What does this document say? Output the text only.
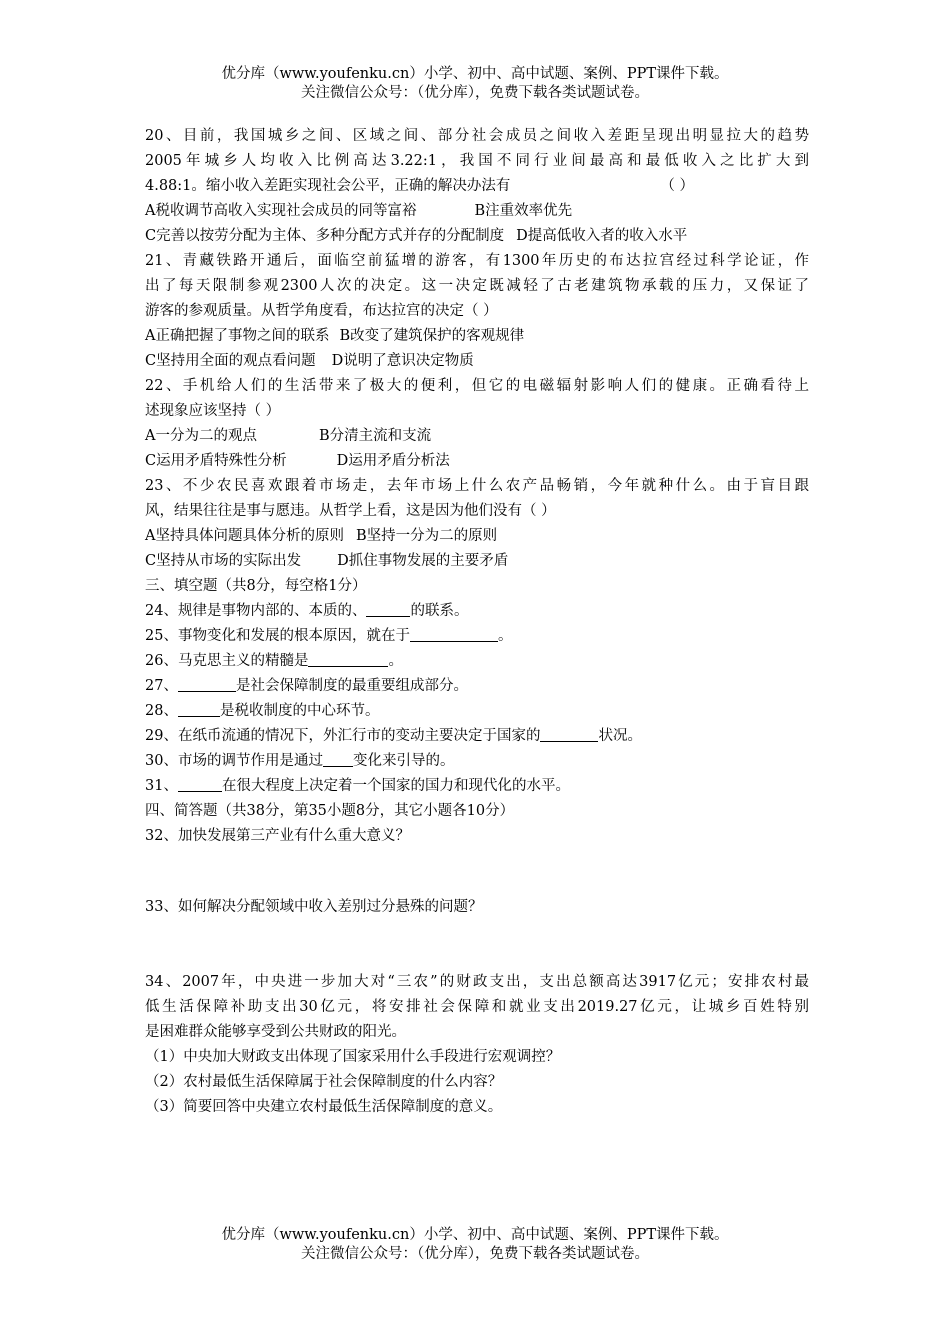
优分库（www.youfenku.cn）小学、初中、高中试题、案例、PPT课件下载。
关注微信公众号：（优分库），免费下载各类试题试卷。
20、目前，我国城乡之间、区域之间、部分社会成员之间收入差距呈现出明显拉大的趋势
2005年城乡人均收入比例高达3.22:1，我国不同行业间最高和最低收入之比扩大到
4.88:1。缩小收入差距实现社会公平，正确的解决办法有	（ ）
A税收调节高收入实现社会成员的同等富裕	B注重效率优先
C完善以按劳分配为主体、多种分配方式并存的分配制度 D提高低收入者的收入水平
21、青藏铁路开通后，面临空前猛增的游客，有1300年历史的布达拉宫经过科学论证，作
出了每天限制参观2300人次的决定。这一决定既减轻了古老建筑物承载的压力，又保证了
游客的参观质量。从哲学角度看，布达拉宫的决定（ ）
A正确把握了事物之间的联系 B改变了建筑保护的客观规律
C坚持用全面的观点看问题 D说明了意识决定物质
22、手机给人们的生活带来了极大的便利，但它的电磁辐射影响人们的健康。正确看待上
述现象应该坚持（ ）
A一分为二的观点	B分清主流和支流
C运用矛盾特殊性分析	D运用矛盾分析法
23、不少农民喜欢跟着市场走，去年市场上什么农产品畅销，今年就种什么。由于盲目跟
风，结果往往是事与愿违。从哲学上看，这是因为他们没有（ ）
A坚持具体问题具体分析的原则 B坚持一分为二的原则
C坚持从市场的实际出发 D抓住事物发展的主要矛盾
三、填空题（共8分，每空格1分）
24、规律是事物内部的、本质的、	的联系。
25、事物变化和发展的根本原因，就在于	。
26、马克思主义的精髓是	。
27、	是社会保障制度的最重要组成部分。
28、	是税收制度的中心环节。
29、在纸币流通的情况下，外汇行市的变动主要决定于国家的	状况。
30、市场的调节作用是通过 变化来引导的。
31、	在很大程度上决定着一个国家的国力和现代化的水平。
四、简答题（共38分，第35小题8分，其它小题各10分）
32、加快发展第三产业有什么重大意义？
33、如何解决分配领域中收入差别过分悬殊的问题？
34、2007年，中央进一步加大对“三农”的财政支出，支出总额高达3917亿元；安排农村最
低生活保障补助支出30亿元，将安排社会保障和就业支出2019.27亿元，让城乡百姓特别
是困难群众能够享受到公共财政的阳光。
（1）中央加大财政支出体现了国家采用什么手段进行宏观调控？
（2）农村最低生活保障属于社会保障制度的什么内容？
（3）简要回答中央建立农村最低生活保障制度的意义。
优分库（www.youfenku.cn）小学、初中、高中试题、案例、PPT课件下载。
关注微信公众号：（优分库），免费下载各类试题试卷。
